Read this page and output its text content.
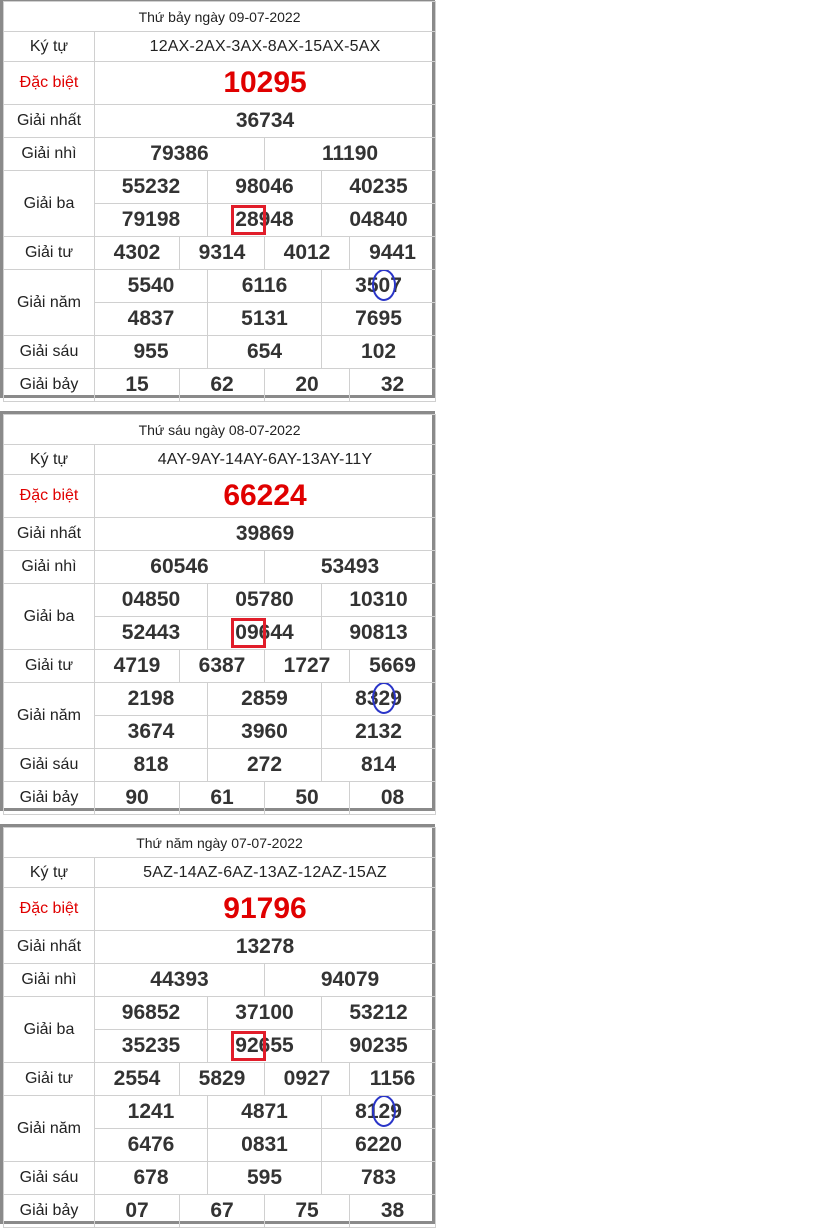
Thứ bảy ngày 09-07-2022						
Ký tự	12AX-2AX-3AX-8AX-15AX-5AX					
Đặc biệt	10295					
Giải nhất	36734					
Giải nhì	79386			11190		
Giải ba	55232		98046		40235	
	79198		28948		04840	
Giải tư	4302	9314		4012		9441
Giải năm	5540		6116		3507	

	4837		5131		7695	
Giải sáu	955		654		102	
Giải bảy	15	62		20		32
Thứ sáu ngày 08-07-2022						
Ký tự	4AY-9AY-14AY-6AY-13AY-11Y					
Đặc biệt	66224					
Giải nhất	39869					
Giải nhì	60546			53493		
Giải ba	04850		05780		10310	
	52443		09644		90813	
Giải tư	4719	6387		1727		5669
Giải năm	2198		2859		8329	

	3674		3960		2132	
Giải sáu	818		272		814	
Giải bảy	90	61		50		08
Thứ năm ngày 07-07-2022						
Ký tự	5AZ-14AZ-6AZ-13AZ-12AZ-15AZ					
Đặc biệt	91796					
Giải nhất	13278					
Giải nhì	44393			94079		
Giải ba	96852		37100		53212	
	35235		92655		90235	
Giải tư	2554	5829		0927		1156
Giải năm	1241		4871		8129	

	6476		0831		6220	
Giải sáu	678		595		783	
Giải bảy	07	67		75		38
